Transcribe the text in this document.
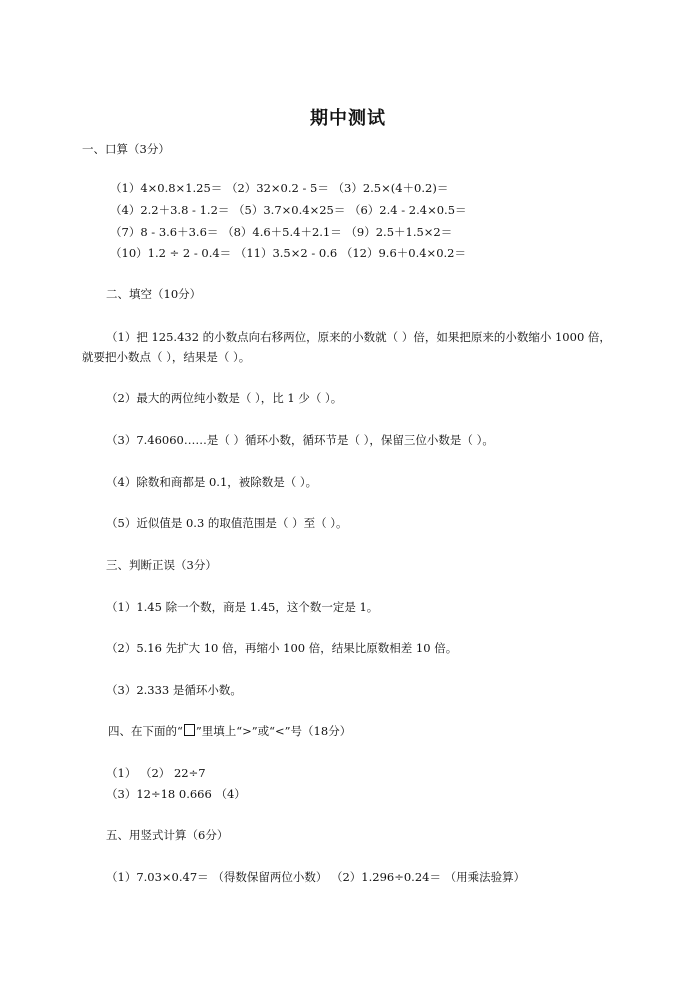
期中测试
一、口算（3分）
（1）4×0.8×1.25＝ （2）32×0.2 - 5＝ （3）2.5×(4＋0.2)＝
（4）2.2＋3.8 - 1.2＝ （5）3.7×0.4×25＝ （6）2.4 - 2.4×0.5＝
（7）8 - 3.6＋3.6＝ （8）4.6＋5.4＋2.1＝ （9）2.5＋1.5×2＝
（10）1.2 ÷ 2 - 0.4＝ （11）3.5×2 - 0.6 （12）9.6＋0.4×0.2＝
二、填空（10分）
（1）把 125.432 的小数点向右移两位，原来的小数就（ ）倍，如果把原来的小数缩小 1000 倍，
就要把小数点（ ），结果是（ ）。
（2）最大的两位纯小数是（ ），比 1 少（ ）。
（3）7.46060……是（ ）循环小数，循环节是（ ），保留三位小数是（ ）。
（4）除数和商都是 0.1，被除数是（ ）。
（5）近似值是 0.3 的取值范围是（ ）至（ ）。
三、判断正误（3分）
（1）1.45 除一个数，商是 1.45，这个数一定是 1。
（2）5.16 先扩大 10 倍，再缩小 100 倍，结果比原数相差 10 倍。
（3）2.333 是循环小数。
四、在下面的“ ”里填上“>”或“<”号（18分）
（1） （2） 22÷7
（3）12÷18 0.666 （4）
五、用竖式计算（6分）
（1）7.03×0.47＝ （得数保留两位小数） （2）1.296÷0.24＝ （用乘法验算）
